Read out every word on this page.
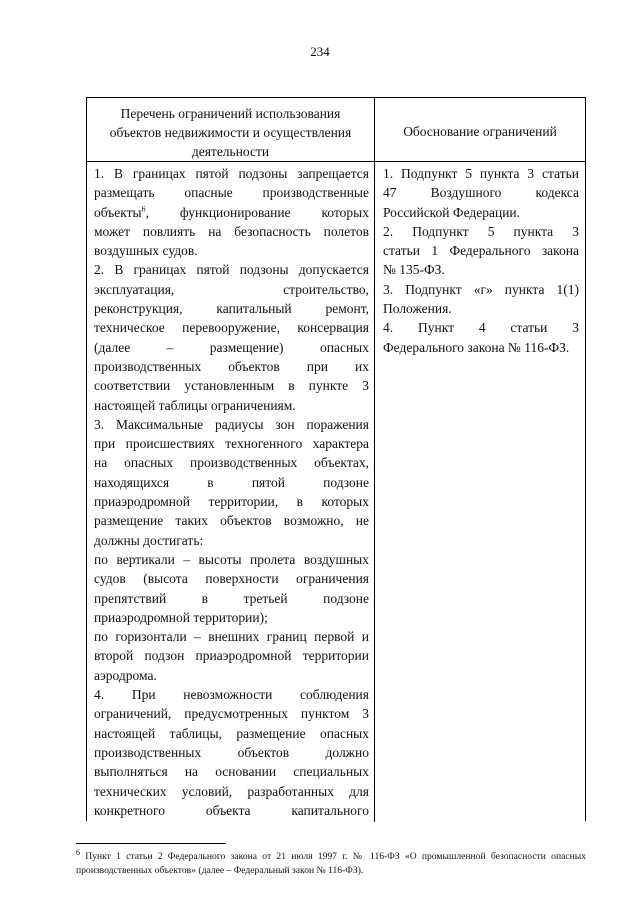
234
Перечень ограничений использования
объектов недвижимости и осуществления
деятельности
Обоснование ограничений
1. В границах пятой подзоны запрещается
размещать опасные производственные
объекты$^6$, функционирование которых
может повлиять на безопасность полетов
воздушных судов.
2. В границах пятой подзоны допускается
эксплуатация, строительство,
реконструкция, капитальный ремонт,
техническое перевооружение, консервация
(далее – размещение) опасных
производственных объектов при их
соответствии установленным в пункте 3
настоящей таблицы ограничениям.
3. Максимальные радиусы зон поражения
при происшествиях техногенного характера
на опасных производственных объектах,
находящихся в пятой подзоне
приаэродромной территории, в которых
размещение таких объектов возможно, не
должны достигать:
по вертикали – высоты пролета воздушных
судов (высота поверхности ограничения
препятствий в третьей подзоне
приаэродромной территории);
по горизонтали – внешних границ первой и
второй подзон приаэродромной территории
аэродрома.
4. При невозможности соблюдения
ограничений, предусмотренных пунктом 3
настоящей таблицы, размещение опасных
производственных объектов должно
выполняться на основании специальных
технических условий, разработанных для
конкретного объекта капитального
1. Подпункт 5 пункта 3 статьи
47 Воздушного кодекса
Российской Федерации.
2. Подпункт 5 пункта 3
статьи 1 Федерального закона
№ 135-ФЗ.
3. Подпункт «г» пункта 1(1)
Положения.
4. Пункт 4 статьи 3
Федерального закона № 116-ФЗ.
$^6$ Пункт 1 статьи 2 Федерального закона от 21 июля 1997 г. № 116-ФЗ «О промышленной безопасности опасных
производственных объектов» (далее – Федеральный закон № 116-ФЗ).
